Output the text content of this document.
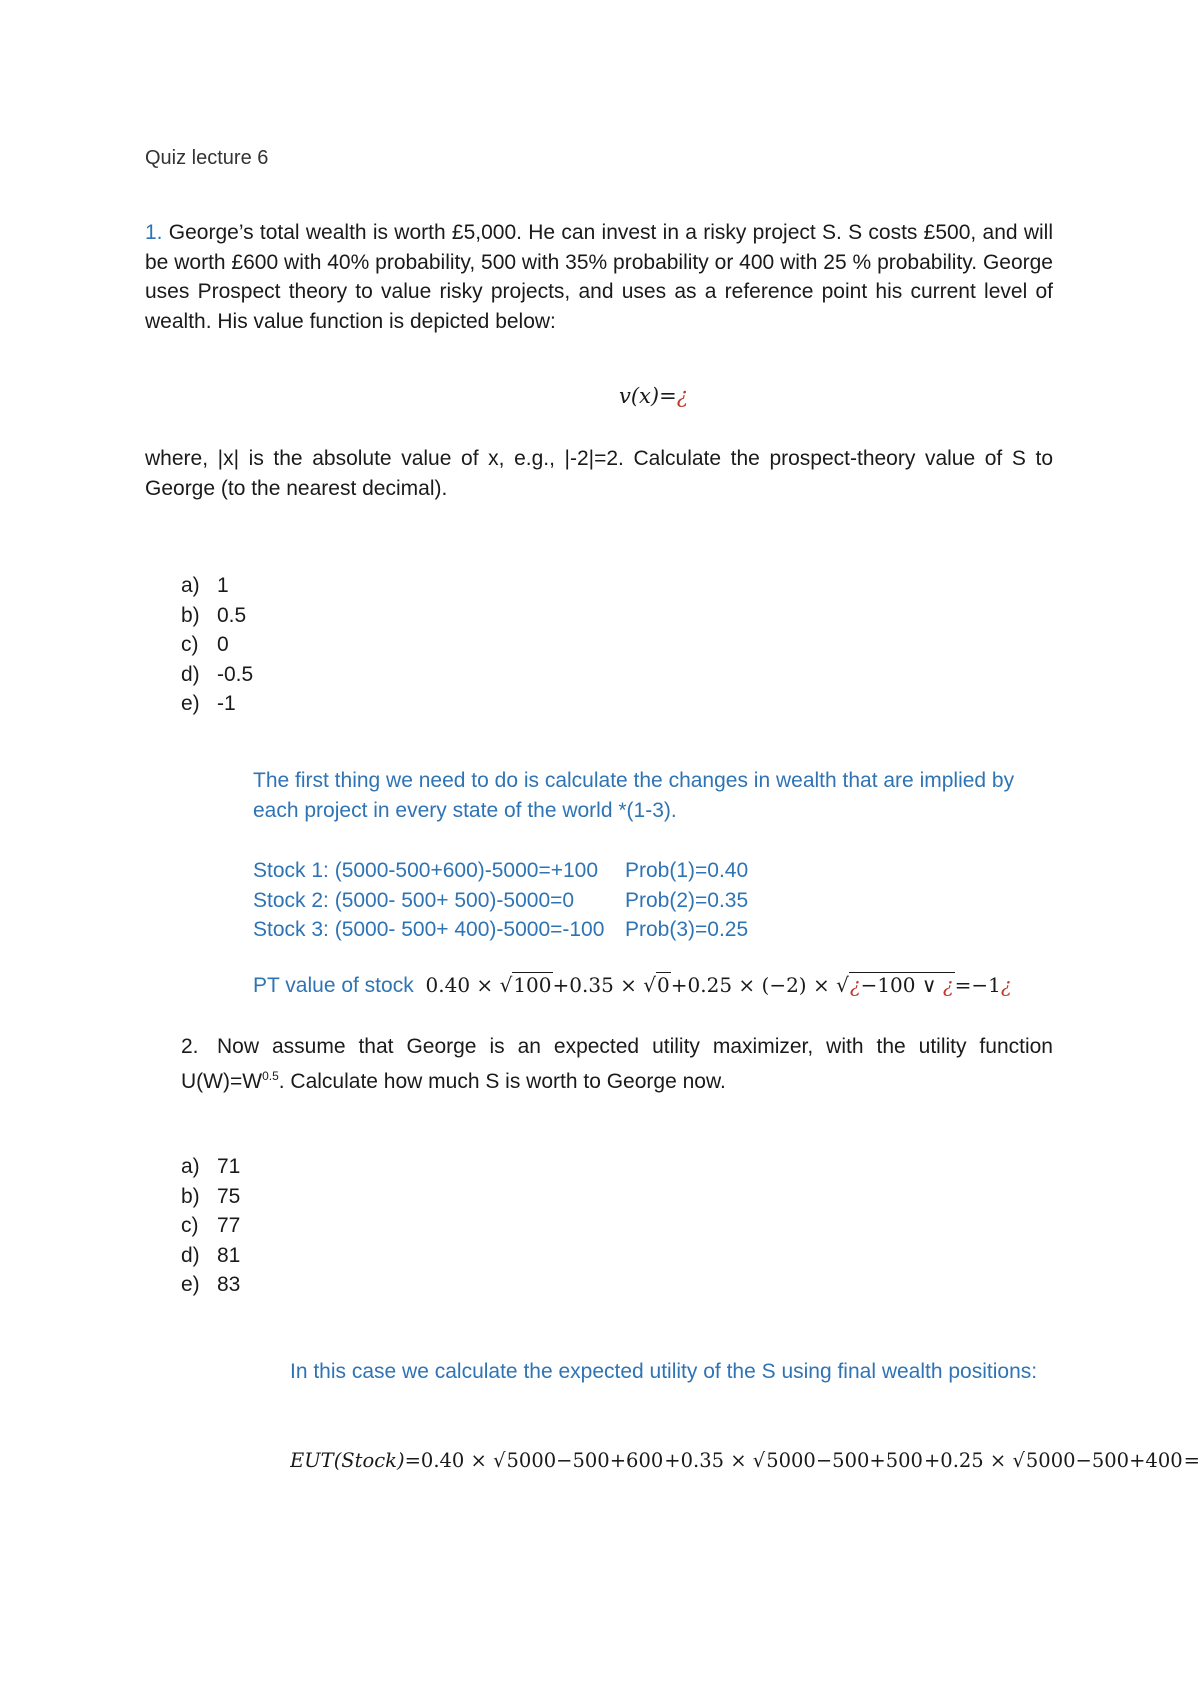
Quiz lecture 6
1. George’s total wealth is worth £5,000. He can invest in a risky project S. S costs £500, and will be worth £600 with 40% probability, 500 with 35% probability or 400 with 25 % probability. George uses Prospect theory to value risky projects, and uses as a reference point his current level of wealth. His value function is depicted below:
v(x)=¿
where, |x| is the absolute value of x, e.g., |-2|=2. Calculate the prospect-theory value of S to George (to the nearest decimal).
a) 1
b) 0.5
c) 0
d) -0.5
e) -1
The first thing we need to do is calculate the changes in wealth that are implied by each project in every state of the world *(1-3).
Stock 1: (5000-500+600)-5000=+100 Prob(1)=0.40
Stock 2: (5000- 500+ 500)-5000=0 Prob(2)=0.35
Stock 3: (5000- 500+ 400)-5000=-100 Prob(3)=0.25
PT value of stock 0.40 × √100+0.35 × √0+0.25 × (−2) × √¿−100 ∨ ¿=−1¿
2. Now assume that George is an expected utility maximizer, with the utility function $U(W)=W^{0.5}$. Calculate how much S is worth to George now.
a) 71
b) 75
c) 77
d) 81
e) 83
In this case we calculate the expected utility of the S using final wealth positions:
EUT(Stock)=0.40 × √5000−500+600+0.35 × √5000−500+500+0.25 × √5000−500+400=
